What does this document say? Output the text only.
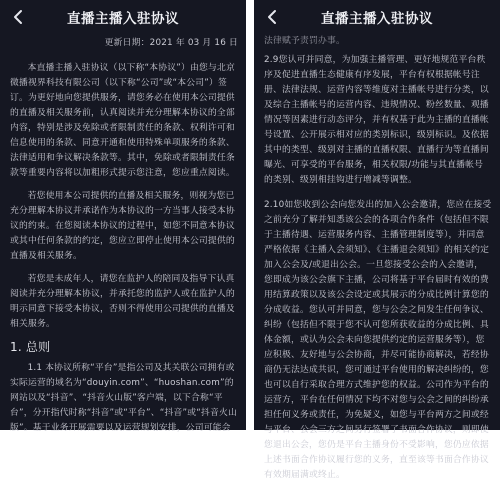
直播主播入驻协议
更新日期：2021 年 03 月 16 日

本直播主播入驻协议（以下称“本协议”）由您与北京微播视界科技有限公司（以下称“公司”或“本公司”）签订。为更好地向您提供服务，请您务必在使用本公司提供的直播及相关服务前，认真阅读并充分理解本协议的全部内容，特别是涉及免除或者限制责任的条款、权利许可和信息使用的条款、同意开通和使用特殊单项服务的条款、法律适用和争议解决条款等。其中，免除或者限制责任条款等重要内容将以加粗形式提示您注意，您应重点阅读。

若您使用本公司提供的直播及相关服务，则视为您已充分理解本协议并承诺作为本协议的一方当事人接受本协议的约束。在您阅读本协议的过程中，如您不同意本协议或其中任何条款的约定，您应立即停止使用本公司提供的直播及相关服务。

若您是未成年人，请您在监护人的陪同及指导下认真阅读并充分理解本协议，并承托您的监护人或在监护人的明示同意下接受本协议，否则不得使用公司提供的直播及相关服务。

1. 总则

1.1 本协议所称“平台”是指公司及其关联公司拥有或实际运营的域名为“douyin.com”、“huoshan.com”的网站以及“抖音”、“抖音火山版”客户端，以下合称“平台”，分开指代时称“抖音”或“平台”、“抖音”或“抖音火山版”。基于业务开展需要以及运营规划安排，公司可能会

直播主播入驻协议

法律赋予责罚办事。

2.9您认可并同意，为加强主播管理、更好地规范平台秩序及促进直播生态健康有序发展，平台有权根据帐号注册、法律法规、运营内容等维度对主播帐号进行分类，以及综合主播帐号的运营内容、违规情况、粉丝数量、观播情况等因素进行动态评分，并有权基于此为主播的直播帐号设置、公开展示相对应的类别标识，级别标识。及依据其中的类型、级别对主播的直播权限、直播行为等直播间曝光、可享受的平台服务，相关权限/功能与其直播帐号的类别、级别相挂钩进行增减等调整。

2.10如您收到公会向您发出的加入公会邀请，您应在接受之前充分了解并知悉该公会的各项合作条件（包括但不限于主播待遇、运营服务内容、主播管理制度等），并同意严格依据《主播入会须知》、《主播退会须知》的相关约定加入公会及/或退出公会。一旦您接受公会的入会邀请，您即成为该公会旗下主播，公司将基于平台届时有效的费用结算政策以及该公会设定或其展示的分成比例计算您的分成收益。您认可并同意，您与公会之间发生任何争议、纠纷（包括但不限于您不认可您所获收益的分成比例、具体金额，或认为公会未向您提供约定的运营服务等），您应积极、友好地与公会协商，并尽可能协商解决，若经协商仍无法达成共识，您可通过平台使用的解决纠纷的，您也可以自行采取合理方式维护您的权益。公司作为平台的运营方，平台在任何情况下均不对您与公会之间的纠纷承担任何义务或责任，为免疑义，如您与平台两方之间或经与平台、公会三方之间另行签署了书面合作协议，则即使您退出公会，您仍是平台主播身份不受影响，您仍应依据上述书面合作协议履行您的义务，直至该等书面合作协议有效期届满或终止。
